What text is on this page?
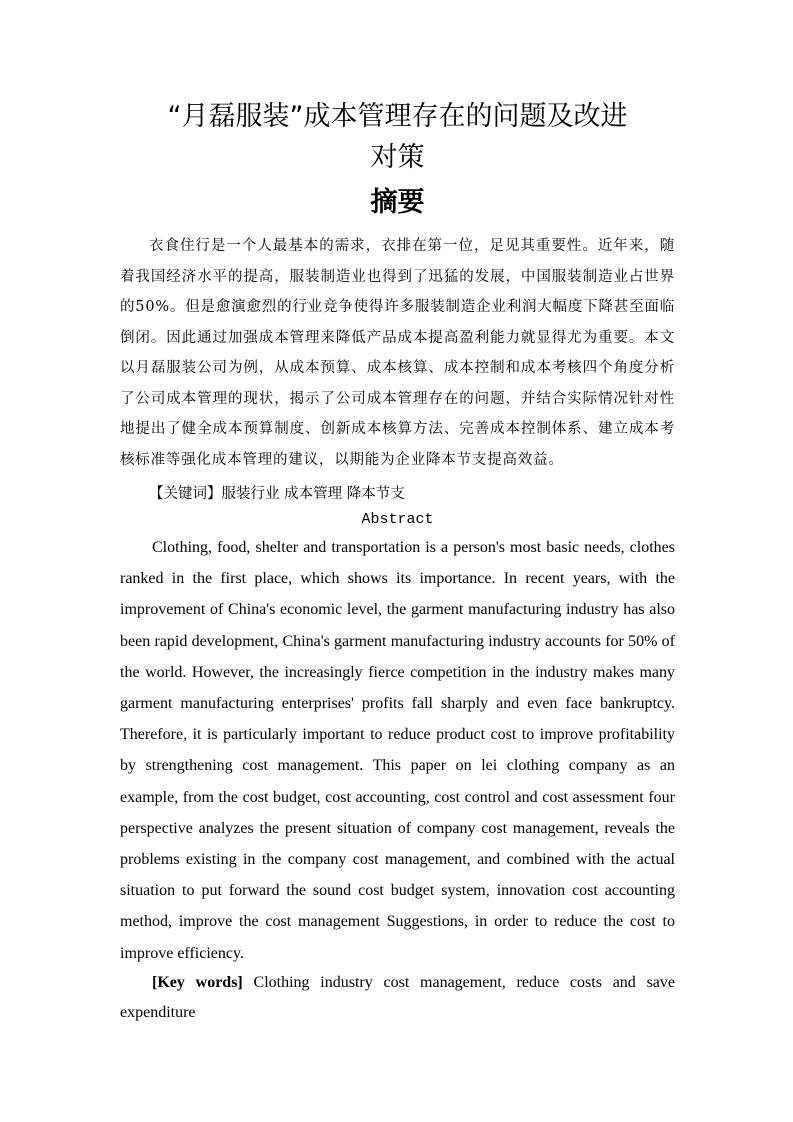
“月磊服装”成本管理存在的问题及改进
对策
摘要

衣食住行是一个人最基本的需求，衣排在第一位，足见其重要性。近年来，随着我国经济水平的提高，服装制造业也得到了迅猛的发展，中国服装制造业占世界的50%。但是愈演愈烈的行业竞争使得许多服装制造企业利润大幅度下降甚至面临倒闭。因此通过加强成本管理来降低产品成本提高盈利能力就显得尤为重要。本文以月磊服装公司为例，从成本预算、成本核算、成本控制和成本考核四个角度分析了公司成本管理的现状，揭示了公司成本管理存在的问题，并结合实际情况针对性地提出了健全成本预算制度、创新成本核算方法、完善成本控制体系、建立成本考核标准等强化成本管理的建议，以期能为企业降本节支提高效益。

【关键词】服装行业 成本管理 降本节支

Abstract

Clothing, food, shelter and transportation is a person's most basic needs, clothes ranked in the first place, which shows its importance. In recent years, with the improvement of China's economic level, the garment manufacturing industry has also been rapid development, China's garment manufacturing industry accounts for 50% of the world. However, the increasingly fierce competition in the industry makes many garment manufacturing enterprises' profits fall sharply and even face bankruptcy. Therefore, it is particularly important to reduce product cost to improve profitability by strengthening cost management. This paper on lei clothing company as an example, from the cost budget, cost accounting, cost control and cost assessment four perspective analyzes the present situation of company cost management, reveals the problems existing in the company cost management, and combined with the actual situation to put forward the sound cost budget system, innovation cost accounting method, improve the cost management Suggestions, in order to reduce the cost to improve efficiency.

[Key words] Clothing industry cost management, reduce costs and save expenditure
